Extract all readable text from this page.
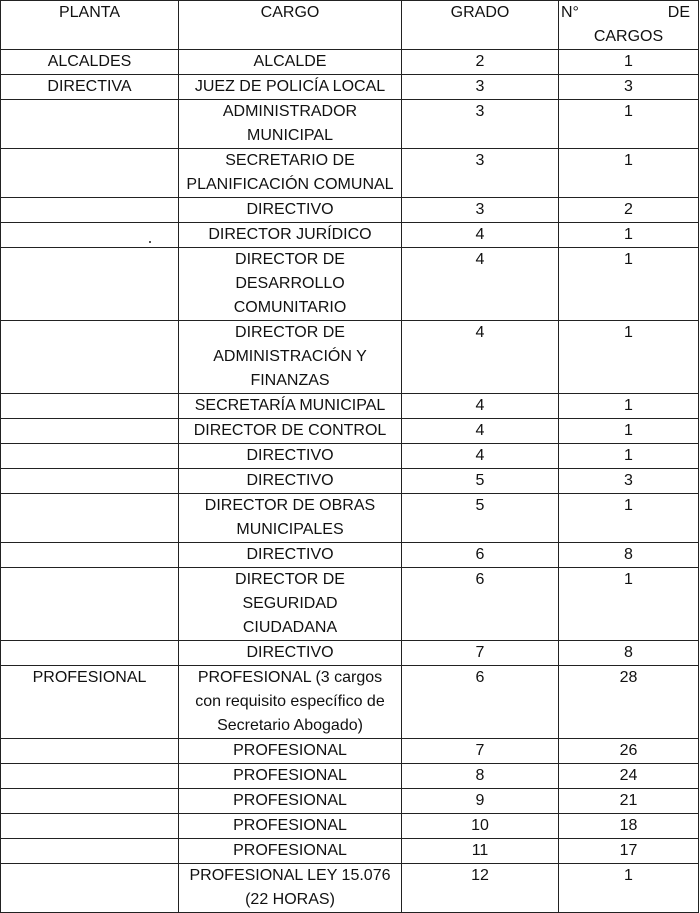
PLANTA	CARGO	GRADO	N° DE
CARGOS

ALCALDES	ALCALDE	2	1
DIRECTIVA	JUEZ DE POLICÍA LOCAL	3	3
	ADMINISTRADOR MUNICIPAL	3	1
	SECRETARIO DE PLANIFICACIÓN COMUNAL	3	1
	DIRECTIVO	3	2
	DIRECTOR JURÍDICO	4	1
	DIRECTOR DE DESARROLLO COMUNITARIO	4	1
	DIRECTOR DE ADMINISTRACIÓN Y FINANZAS	4	1
	SECRETARÍA MUNICIPAL	4	1
	DIRECTOR DE CONTROL	4	1
	DIRECTIVO	4	1
	DIRECTIVO	5	3
	DIRECTOR DE OBRAS MUNICIPALES	5	1
	DIRECTIVO	6	8
	DIRECTOR DE SEGURIDAD CIUDADANA	6	1
	DIRECTIVO	7	8
PROFESIONAL	PROFESIONAL (3 cargos con requisito específico de Secretario Abogado)	6	28
	PROFESIONAL	7	26
	PROFESIONAL	8	24
	PROFESIONAL	9	21
	PROFESIONAL	10	18
	PROFESIONAL	11	17
	PROFESIONAL LEY 15.076 (22 HORAS)	12	1
